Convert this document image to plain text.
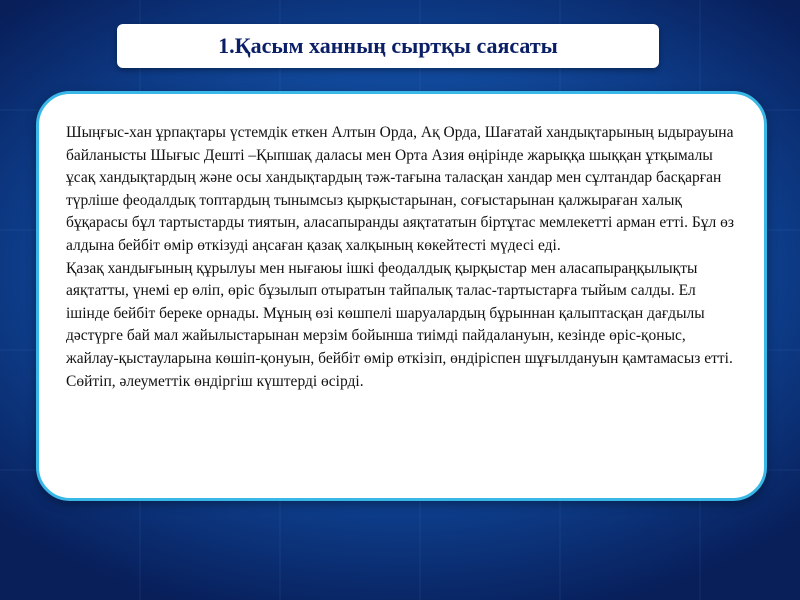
1.Қасым ханның сыртқы саясаты

Шыңғыс-хан ұрпақтары үстемдік еткен Алтын Орда, Ақ Орда, Шағатай хандықтарының ыдырауына байланысты Шығыс Дешті –Қыпшақ даласы мен Орта Азия өңірінде жарыққа шыққан ұтқымалы ұсақ хандықтардың және осы хандықтардың тәж-тағына таласқан хандар мен сұлтандар басқарған түрліше феодалдық топтардың тынымсыз қырқыстарынан, соғыстарынан қалжыраған халық бұқарасы бұл тартыстарды тиятын, аласапыранды аяқтататын біртұтас мемлекетті арман етті. Бұл өз алдына бейбіт өмір өткізуді аңсаған қазақ халқының көкейтесті мүдесі еді.

Қазақ хандығының құрылуы мен нығаюы ішкі феодалдық қырқыстар мен аласапыраңқылықты аяқтатты, үнемі ер өліп, өріс бұзылып отыратын тайпалық талас-тартыстарға тыйым салды. Ел ішінде бейбіт береке орнады. Мұның өзі көшпелі шаруалардың бұрыннан қалыптасқан дағдылы дәстүрге бай мал жайылыстарынан мерзім бойынша тиімді пайдалануын, кезінде өріс-қоныс, жайлау-қыстауларына көшіп-қонуын, бейбіт өмір өткізіп, өндіріспен шұғылдануын қамтамасыз етті. Сөйтіп, әлеуметтік өндіргіш күштерді өсірді.
